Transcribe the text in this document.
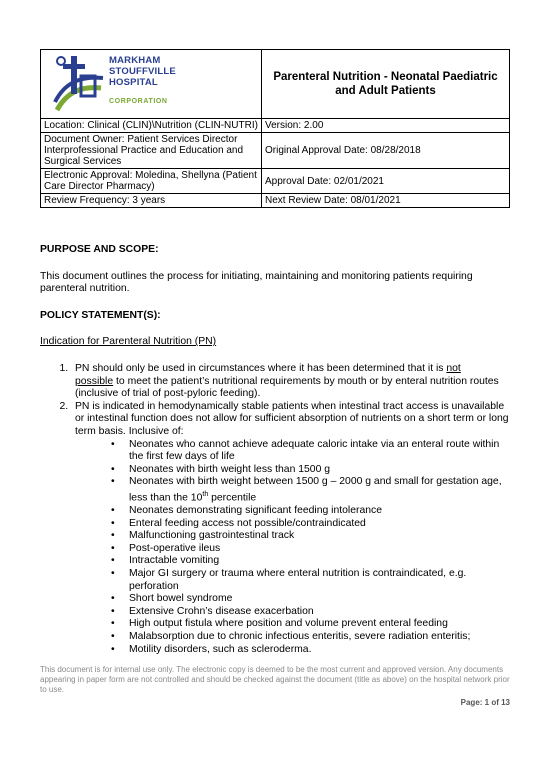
MARKHAM
STOUFFVILLE
HOSPITAL
CORPORATION	Parenteral Nutrition - Neonatal Paediatric and Adult Patients
Location: Clinical (CLIN)\Nutrition (CLIN-NUTRI)	Version: 2.00
Document Owner: Patient Services Director Interprofessional Practice and Education and Surgical Services	Original Approval Date: 08/28/2018
Electronic Approval: Moledina, Shellyna (Patient Care Director Pharmacy)	Approval Date: 02/01/2021
Review Frequency: 3 years	Next Review Date: 08/01/2021

PURPOSE AND SCOPE:

This document outlines the process for initiating, maintaining and monitoring patients requiring parenteral nutrition.

POLICY STATEMENT(S):

Indication for Parenteral Nutrition (PN)

1. PN should only be used in circumstances where it has been determined that it is not
possible to meet the patient’s nutritional requirements by mouth or by enteral nutrition routes (inclusive of trial of post-pyloric feeding).
2. PN is indicated in hemodynamically stable patients when intestinal tract access is unavailable or intestinal function does not allow for sufficient absorption of nutrients on a short term or long term basis. Inclusive of:
• Neonates who cannot achieve adequate caloric intake via an enteral route within the first few days of life
• Neonates with birth weight less than 1500 g
• Neonates with birth weight between 1500 g – 2000 g and small for gestation age, less than the 10th percentile
• Neonates demonstrating significant feeding intolerance
• Enteral feeding access not possible/contraindicated
• Malfunctioning gastrointestinal track
• Post-operative ileus
• Intractable vomiting
• Major GI surgery or trauma where enteral nutrition is contraindicated, e.g. perforation
• Short bowel syndrome
• Extensive Crohn’s disease exacerbation
• High output fistula where position and volume prevent enteral feeding
• Malabsorption due to chronic infectious enteritis, severe radiation enteritis;
• Motility disorders, such as scleroderma.
This document is for internal use only. The electronic copy is deemed to be the most current and approved version. Any documents appearing in paper form are not controlled and should be checked against the document (title as above) on the hospital network prior to use.
Page: 1 of 13
